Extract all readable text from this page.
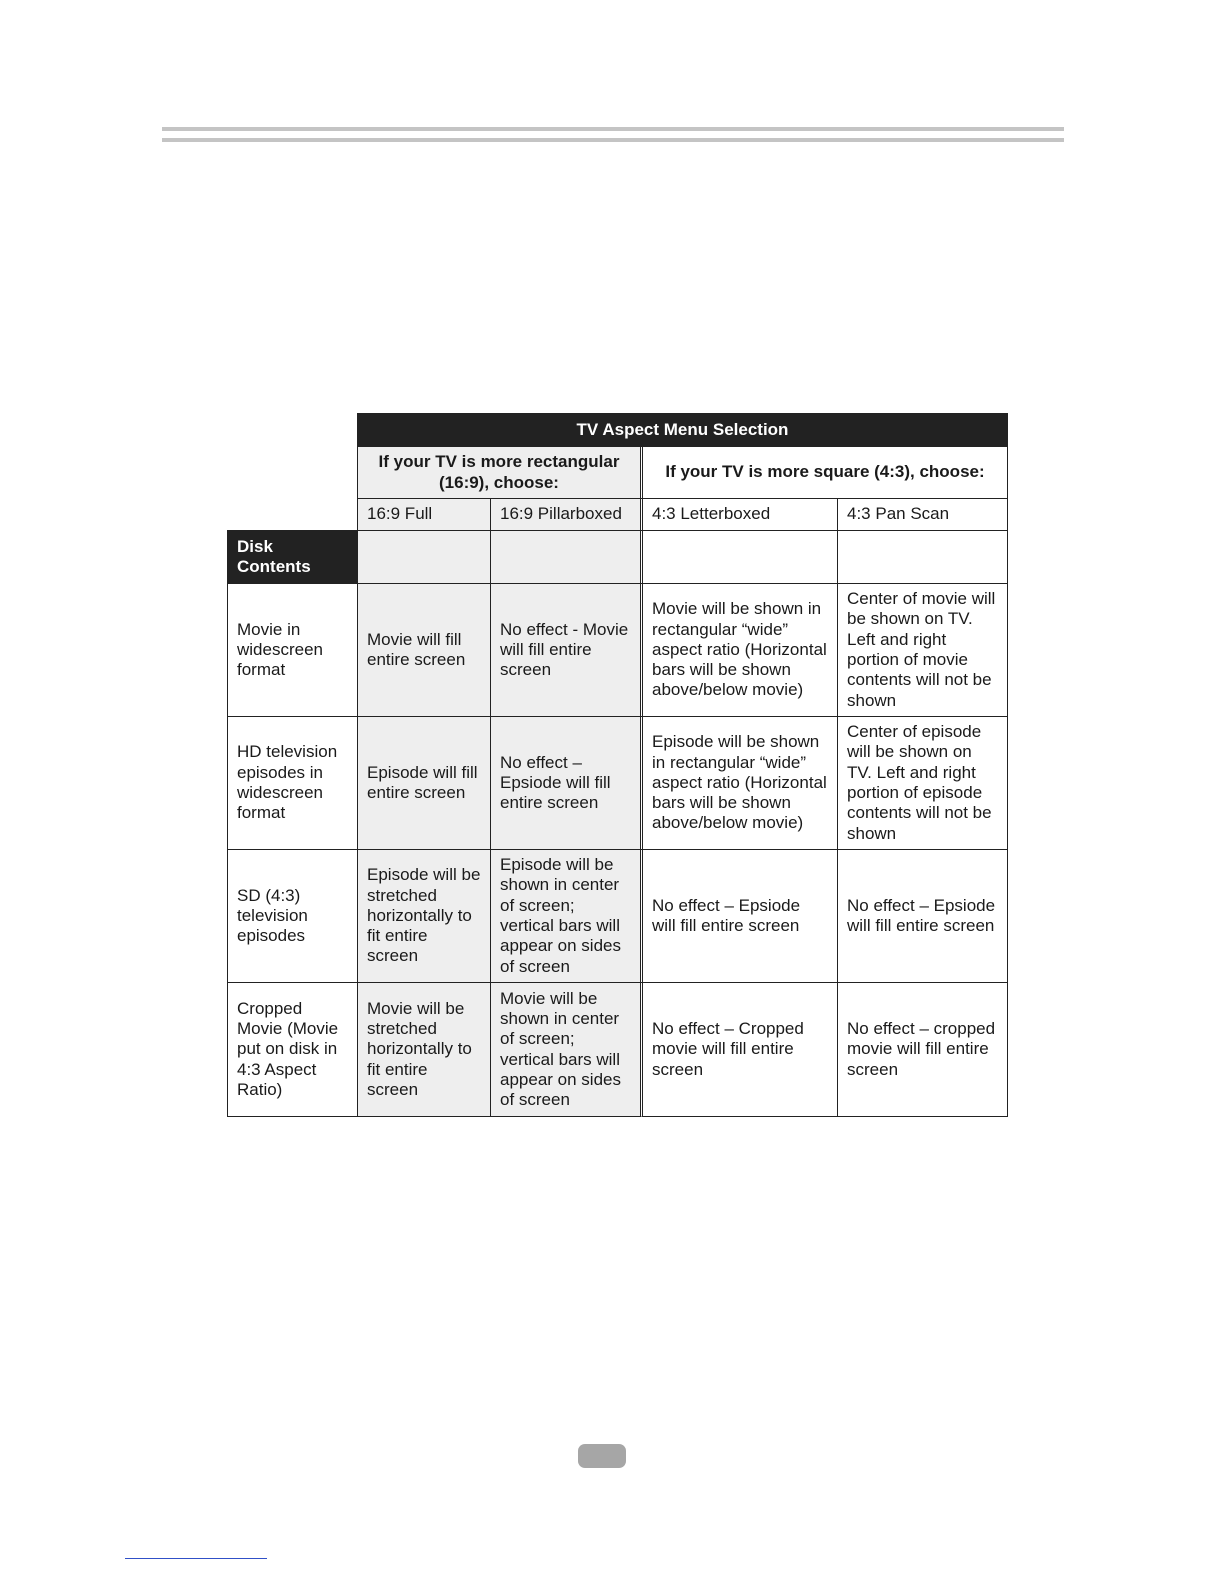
TV Aspect Menu Selection
If your TV is more rectangular (16:9), choose:
If your TV is more square (4:3), choose:
16:9 Full	16:9 Pillarboxed 4:3 Letterboxed	4:3 Pan Scan
Disk Contents
Movie in widescreen format
Movie will fill entire screen
No effect - Movie will fill entire screen
Movie will be shown in rectangular “wide” aspect ratio (Horizontal bars will be shown above/below movie)
Center of movie will be shown on TV. Left and right portion of movie contents will not be shown
HD television episodes in widescreen format
Episode will fill entire screen
No effect – Epsiode will fill entire screen
Episode will be shown in rectangular “wide” aspect ratio (Horizontal bars will be shown above/below movie)
Center of episode will be shown on TV. Left and right portion of episode contents will not be shown
SD (4:3) television episodes
Episode will be stretched horizontally to fit entire screen
Episode will be shown in center of screen; vertical bars will appear on sides of screen
No effect – Epsiode will fill entire screen
No effect – Epsiode will fill entire screen
Cropped Movie (Movie put on disk in 4:3 Aspect Ratio)
Movie will be stretched horizontally to fit entire screen
Movie will be shown in center of screen; vertical bars will appear on sides of screen
No effect – Cropped movie will fill entire screen
No effect – cropped movie will fill entire screen
